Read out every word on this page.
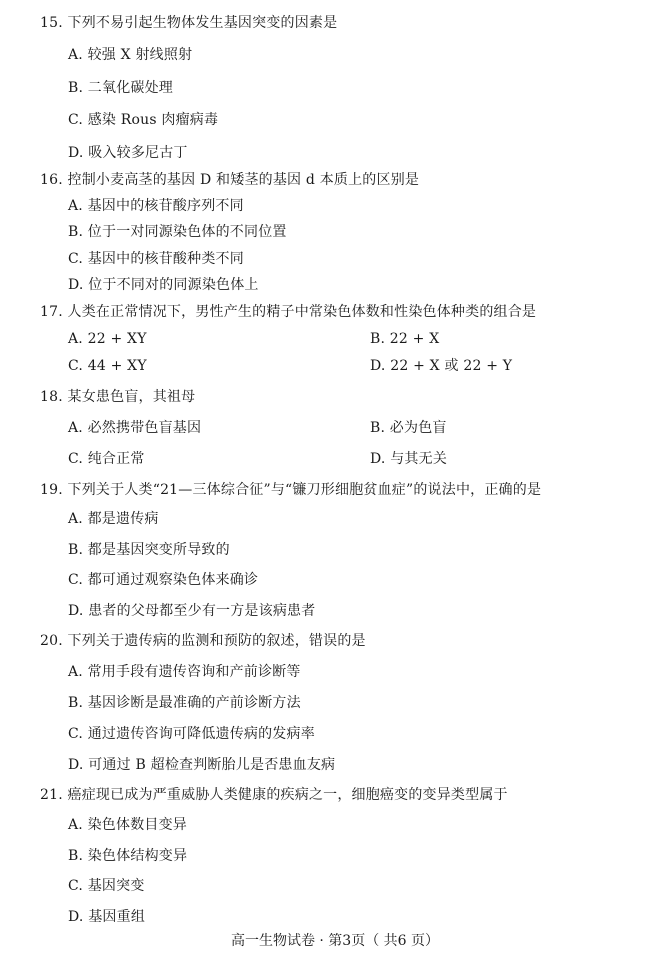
15. 下列不易引起生物体发生基因突变的因素是
A. 较强 X 射线照射
B. 二氧化碳处理
C. 感染 Rous 肉瘤病毒
D. 吸入较多尼古丁
16. 控制小麦高茎的基因 D 和矮茎的基因 d 本质上的区别是
A. 基因中的核苷酸序列不同
B. 位于一对同源染色体的不同位置
C. 基因中的核苷酸种类不同
D. 位于不同对的同源染色体上
17. 人类在正常情况下，男性产生的精子中常染色体数和性染色体种类的组合是
A. 22 + XY	B. 22 + X
C. 44 + XY	D. 22 + X 或 22 + Y
18. 某女患色盲，其祖母
A. 必然携带色盲基因	B. 必为色盲
C. 纯合正常	D. 与其无关
19. 下列关于人类“21—三体综合征”与“镰刀形细胞贫血症”的说法中，正确的是
A. 都是遗传病
B. 都是基因突变所导致的
C. 都可通过观察染色体来确诊
D. 患者的父母都至少有一方是该病患者
20. 下列关于遗传病的监测和预防的叙述，错误的是
A. 常用手段有遗传咨询和产前诊断等
B. 基因诊断是最准确的产前诊断方法
C. 通过遗传咨询可降低遗传病的发病率
D. 可通过 B 超检查判断胎儿是否患血友病
21. 癌症现已成为严重威胁人类健康的疾病之一，细胞癌变的变异类型属于
A. 染色体数目变异
B. 染色体结构变异
C. 基因突变
D. 基因重组
高一生物试卷 · 第3页（ 共6 页）
